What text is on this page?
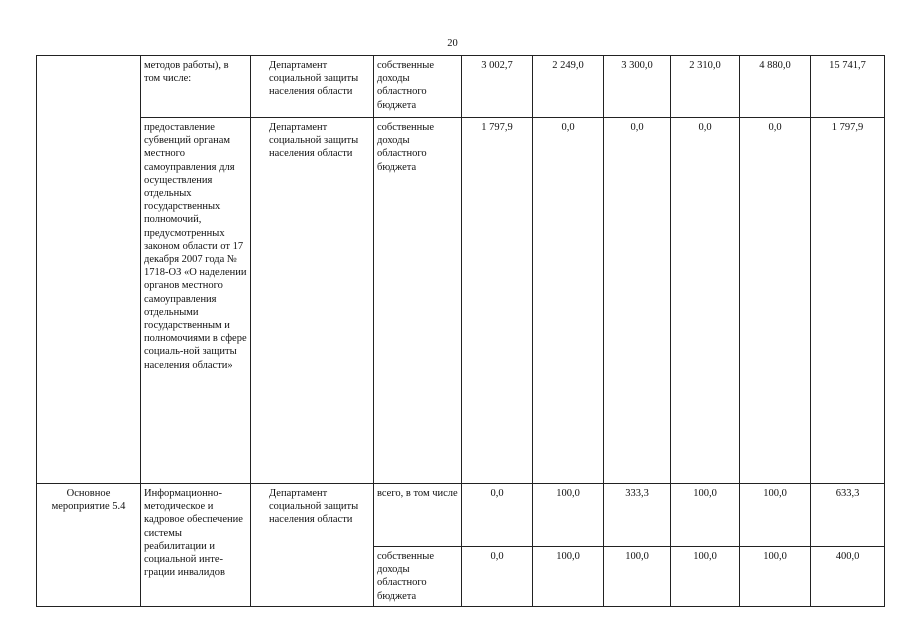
20

	методов работы), в том числе:	Департамент социальной защиты населения области	собственные доходы областного бюджета	3 002,7	2 249,0	3 300,0	2 310,0	4 880,0	15 741,7

	предоставление субвенций органам местного самоуправления для осуществления отдельных государственных полномочий, предусмотренных законом области от 17 декабря 2007 года № 1718-ОЗ «О наделении органов местного самоуправления отдельными государственным и полномочиями в сфере социаль-ной защиты населения области»	Департамент социальной защиты населения области	собственные доходы областного бюджета	1 797,9	0,0	0,0	0,0	0,0	1 797,9

Основное мероприятие 5.4	Информационно-методическое и кадровое обеспечение системы реабилитации и социальной инте-грации инвалидов	Департамент социальной защиты населения области	всего, в том числе	0,0	100,0	333,3	100,0	100,0	633,3

			собственные доходы областного бюджета	0,0	100,0	100,0	100,0	100,0	400,0
